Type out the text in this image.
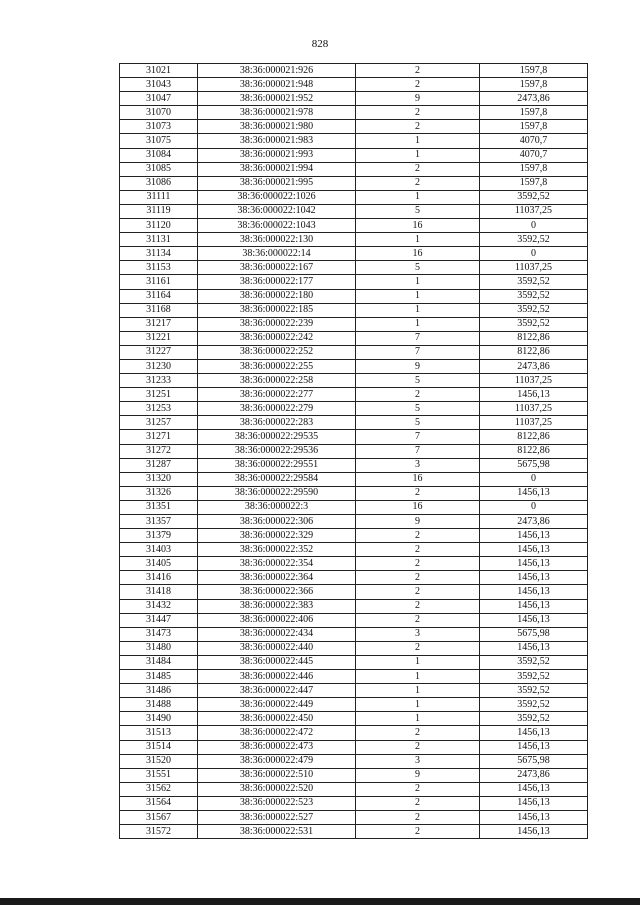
828
31021	38:36:000021:926	2	1597,8
31043	38:36:000021:948	2	1597,8
31047	38:36:000021:952	9	2473,86
31070	38:36:000021:978	2	1597,8
31073	38:36:000021:980	2	1597,8
31075	38:36:000021:983	1	4070,7
31084	38:36:000021:993	1	4070,7
31085	38:36:000021:994	2	1597,8
31086	38:36:000021:995	2	1597,8
31111	38:36:000022:1026	1	3592,52
31119	38:36:000022:1042	5	11037,25
31120	38:36:000022:1043	16	0
31131	38:36:000022:130	1	3592,52
31134	38:36:000022:14	16	0
31153	38:36:000022:167	5	11037,25
31161	38:36:000022:177	1	3592,52
31164	38:36:000022:180	1	3592,52
31168	38:36:000022:185	1	3592,52
31217	38:36:000022:239	1	3592,52
31221	38:36:000022:242	7	8122,86
31227	38:36:000022:252	7	8122,86
31230	38:36:000022:255	9	2473,86
31233	38:36:000022:258	5	11037,25
31251	38:36:000022:277	2	1456,13
31253	38:36:000022:279	5	11037,25
31257	38:36:000022:283	5	11037,25
31271	38:36:000022:29535	7	8122,86
31272	38:36:000022:29536	7	8122,86
31287	38:36:000022:29551	3	5675,98
31320	38:36:000022:29584	16	0
31326	38:36:000022:29590	2	1456,13
31351	38:36:000022:3	16	0
31357	38:36:000022:306	9	2473,86
31379	38:36:000022:329	2	1456,13
31403	38:36:000022:352	2	1456,13
31405	38:36:000022:354	2	1456,13
31416	38:36:000022:364	2	1456,13
31418	38:36:000022:366	2	1456,13
31432	38:36:000022:383	2	1456,13
31447	38:36:000022:406	2	1456,13
31473	38:36:000022:434	3	5675,98
31480	38:36:000022:440	2	1456,13
31484	38:36:000022:445	1	3592,52
31485	38:36:000022:446	1	3592,52
31486	38:36:000022:447	1	3592,52
31488	38:36:000022:449	1	3592,52
31490	38:36:000022:450	1	3592,52
31513	38:36:000022:472	2	1456,13
31514	38:36:000022:473	2	1456,13
31520	38:36:000022:479	3	5675,98
31551	38:36:000022:510	9	2473,86
31562	38:36:000022:520	2	1456,13
31564	38:36:000022:523	2	1456,13
31567	38:36:000022:527	2	1456,13
31572	38:36:000022:531	2	1456,13
